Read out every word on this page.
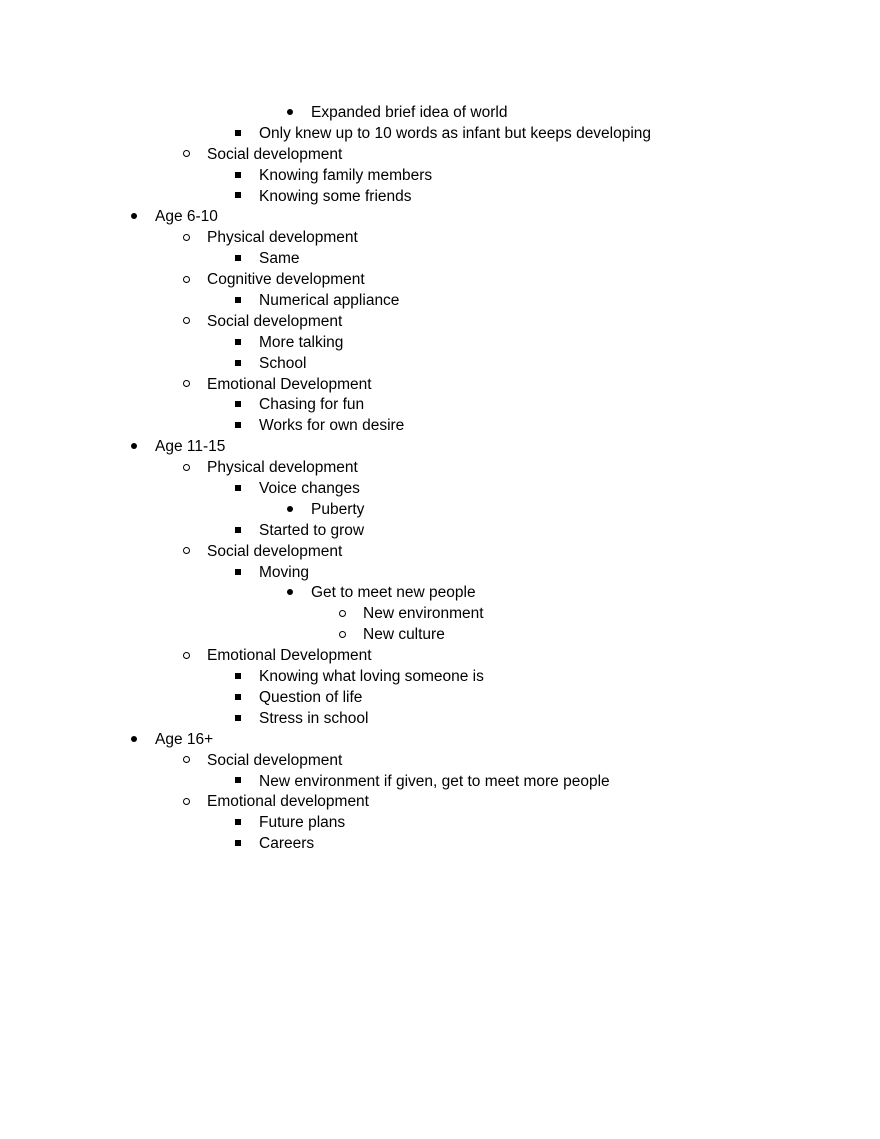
Expanded brief idea of world
Only knew up to 10 words as infant but keeps developing
Social development
Knowing family members
Knowing some friends
Age 6-10
Physical development
Same
Cognitive development
Numerical appliance
Social development
More talking
School
Emotional Development
Chasing for fun
Works for own desire
Age 11-15
Physical development
Voice changes
Puberty
Started to grow
Social development
Moving
Get to meet new people
New environment
New culture
Emotional Development
Knowing what loving someone is
Question of life
Stress in school
Age 16+
Social development
New environment if given, get to meet more people
Emotional development
Future plans
Careers
